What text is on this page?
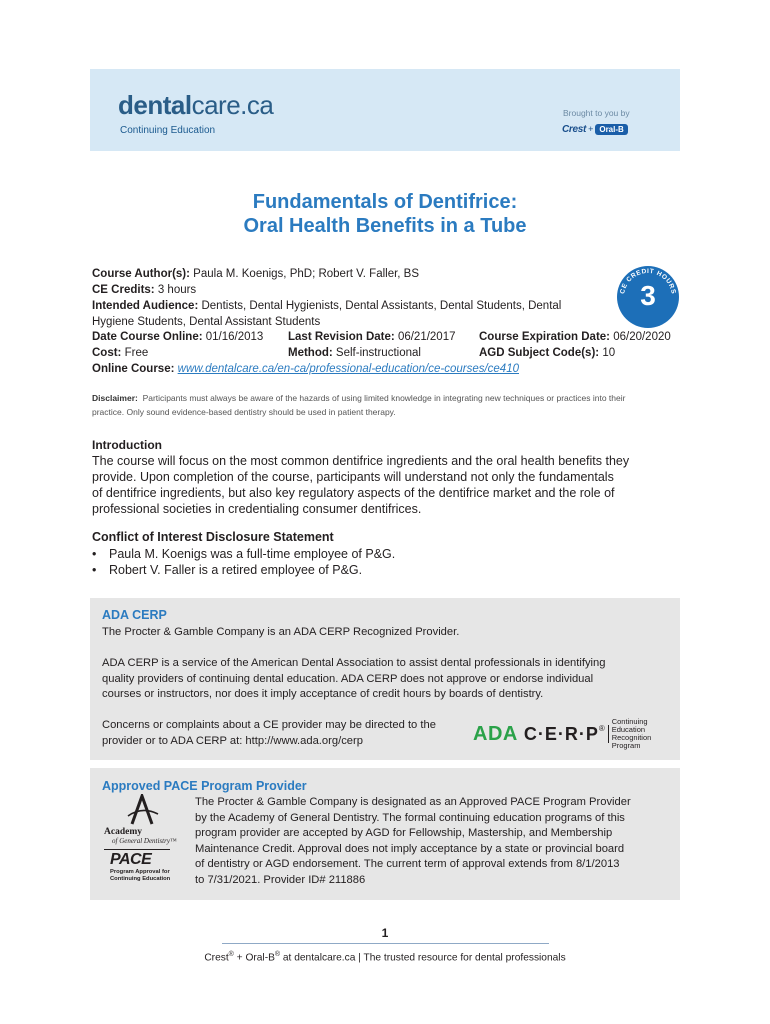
dentalcare.ca
Continuing Education
Brought to you by
Crest + Oral-B
Fundamentals of Dentifrice:
Oral Health Benefits in a Tube
Course Author(s): Paula M. Koenigs, PhD; Robert V. Faller, BS
CE Credits: 3 hours
Intended Audience: Dentists, Dental Hygienists, Dental Assistants, Dental Students, Dental
Hygiene Students, Dental Assistant Students
Date Course Online: 01/16/2013 Last Revision Date: 06/21/2017 Course Expiration Date: 06/20/2020
Cost: Free	Method: Self-instructional	AGD Subject Code(s): 10
Online Course: www.dentalcare.ca/en-ca/professional-education/ce-courses/ce410
CE CREDIT HOURS
3
Disclaimer: Participants must always be aware of the hazards of using limited knowledge in integrating new techniques or practices into their
practice. Only sound evidence-based dentistry should be used in patient therapy.
Introduction
The course will focus on the most common dentifrice ingredients and the oral health benefits they
provide. Upon completion of the course, participants will understand not only the fundamentals
of dentifrice ingredients, but also key regulatory aspects of the dentifrice market and the role of
professional societies in credentialing consumer dentifrices.
Conflict of Interest Disclosure Statement
• Paula M. Koenigs was a full-time employee of P&G.
• Robert V. Faller is a retired employee of P&G.
ADA CERP
The Procter & Gamble Company is an ADA CERP Recognized Provider.
ADA CERP is a service of the American Dental Association to assist dental professionals in identifying
quality providers of continuing dental education. ADA CERP does not approve or endorse individual
courses or instructors, nor does it imply acceptance of credit hours by boards of dentistry.
Concerns or complaints about a CE provider may be directed to the
provider or to ADA CERP at: http://www.ada.org/cerp	ADA C·E·R·P ®
Continuing Education
Recognition Program
Approved PACE Program Provider
The Procter & Gamble Company is designated as an Approved PACE Program Provider
by the Academy of General Dentistry. The formal continuing education programs of this
program provider are accepted by AGD for Fellowship, Mastership, and Membership
Maintenance Credit. Approval does not imply acceptance by a state or provincial board
of dentistry or AGD endorsement. The current term of approval extends from 8/1/2013
to 7/31/2021. Provider ID# 211886
Academy
of General Dentistry™
PACE
Program Approval for
Continuing Education
1
Crest® + Oral-B® at dentalcare.ca | The trusted resource for dental professionals
